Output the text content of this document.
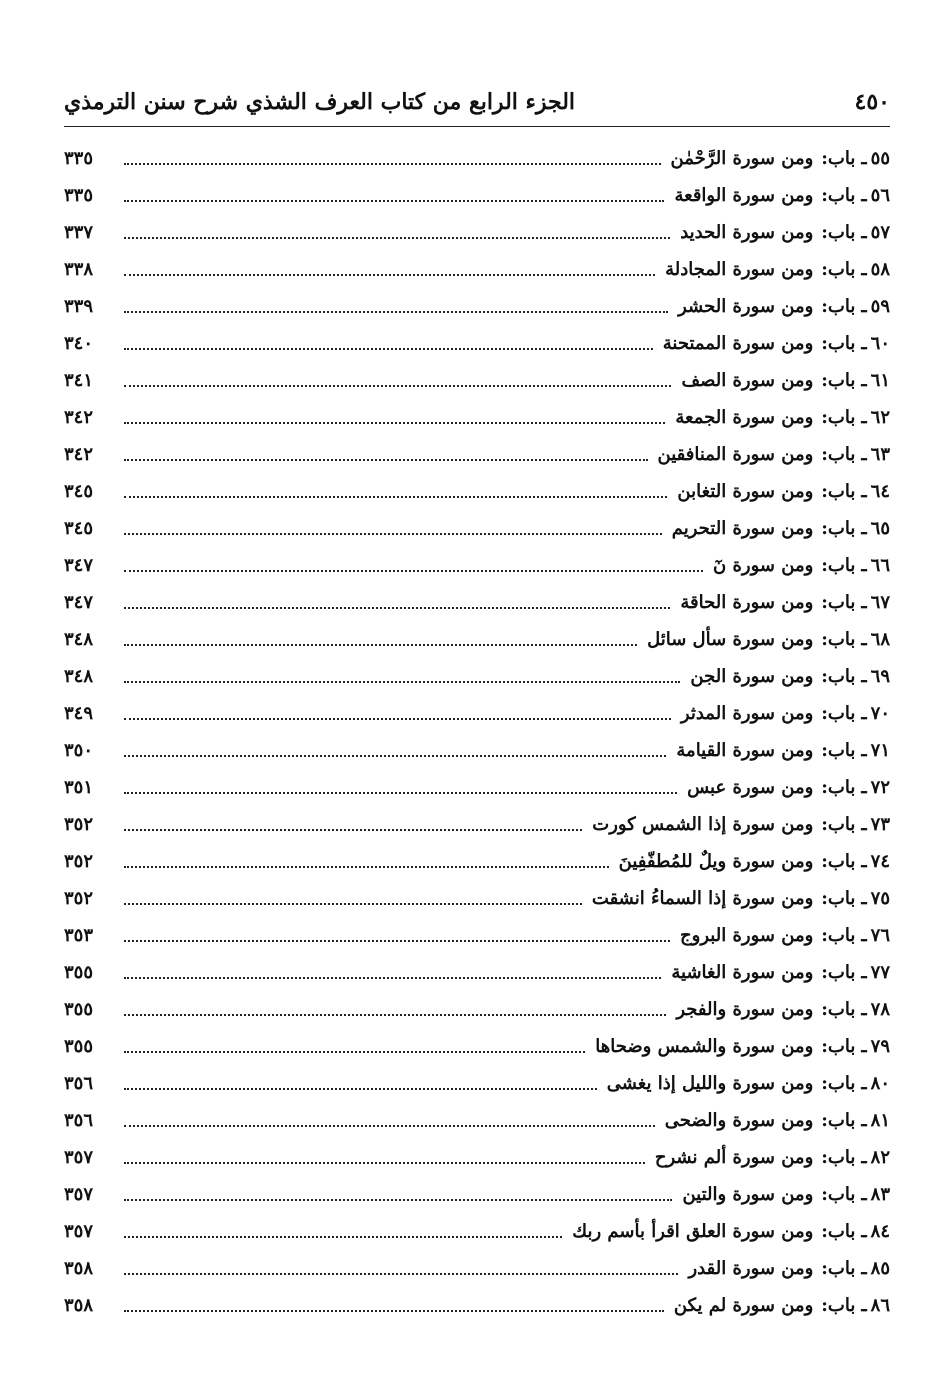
٤٥٠
الجزء الرابع من كتاب العرف الشذي شرح سنن الترمذي
٥٥
ـ
باب:
ومن سورة الرَّحْمٰن
٣٣٥
٥٦
ـ
باب:
ومن سورة الواقعة
٣٣٥
٥٧
ـ
باب:
ومن سورة الحديد
٣٣٧
٥٨
ـ
باب:
ومن سورة المجادلة
٣٣٨
٥٩
ـ
باب:
ومن سورة الحشر
٣٣٩
٦٠
ـ
باب:
ومن سورة الممتحنة
٣٤٠
٦١
ـ
باب:
ومن سورة الصف
٣٤١
٦٢
ـ
باب:
ومن سورة الجمعة
٣٤٢
٦٣
ـ
باب:
ومن سورة المنافقين
٣٤٢
٦٤
ـ
باب:
ومن سورة التغابن
٣٤٥
٦٥
ـ
باب:
ومن سورة التحريم
٣٤٥
٦٦
ـ
باب:
ومن سورة نٓ
٣٤٧
٦٧
ـ
باب:
ومن سورة الحاقة
٣٤٧
٦٨
ـ
باب:
ومن سورة سأل سائل
٣٤٨
٦٩
ـ
باب:
ومن سورة الجن
٣٤٨
٧٠
ـ
باب:
ومن سورة المدثر
٣٤٩
٧١
ـ
باب:
ومن سورة القيامة
٣٥٠
٧٢
ـ
باب:
ومن سورة عبس
٣٥١
٧٣
ـ
باب:
ومن سورة إذا الشمس كورت
٣٥٢
٧٤
ـ
باب:
ومن سورة ويلٌ للمُطفّفِينَ
٣٥٢
٧٥
ـ
باب:
ومن سورة إذا السماءُ انشقت
٣٥٢
٧٦
ـ
باب:
ومن سورة البروج
٣٥٣
٧٧
ـ
باب:
ومن سورة الغاشية
٣٥٥
٧٨
ـ
باب:
ومن سورة والفجر
٣٥٥
٧٩
ـ
باب:
ومن سورة والشمس وضحاها
٣٥٥
٨٠
ـ
باب:
ومن سورة والليل إذا يغشى
٣٥٦
٨١
ـ
باب:
ومن سورة والضحى
٣٥٦
٨٢
ـ
باب:
ومن سورة ألم نشرح
٣٥٧
٨٣
ـ
باب:
ومن سورة والتين
٣٥٧
٨٤
ـ
باب:
ومن سورة العلق اقرأ بأسم ربك
٣٥٧
٨٥
ـ
باب:
ومن سورة القدر
٣٥٨
٨٦
ـ
باب:
ومن سورة لم يكن
٣٥٨
